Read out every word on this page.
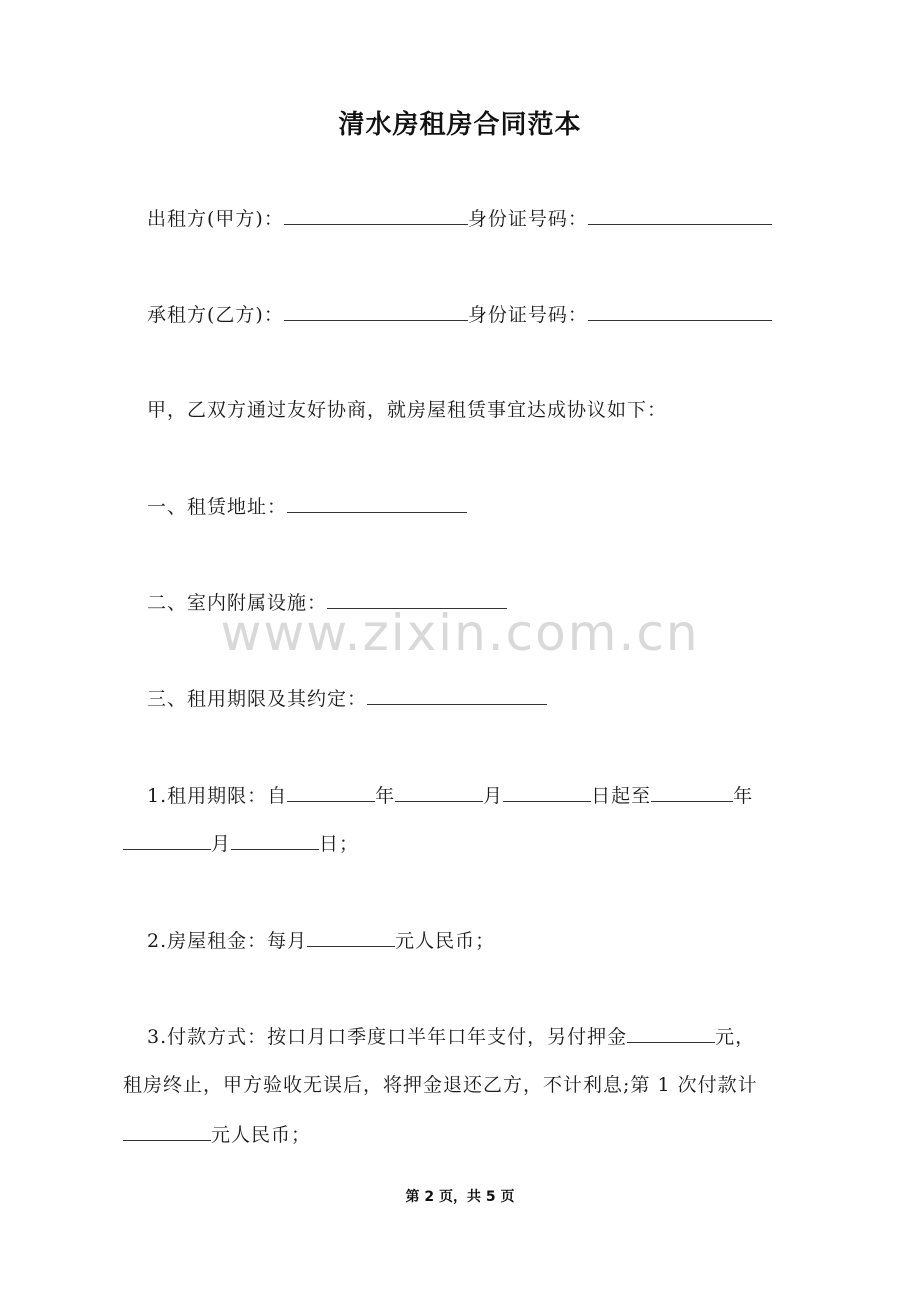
清水房租房合同范本
出租方(甲方)：	身份证号码：
承租方(乙方)：	身份证号码：
甲，乙双方通过友好协商，就房屋租赁事宜达成协议如下：
一、租赁地址：
二、室内附属设施：
三、租用期限及其约定：
1.租用期限：自	年	月	日起至	年
月	日；
2.房屋租金：每月	元人民币；
3.付款方式：按口月口季度口半年口年支付，另付押金	元，
租房终止，甲方验收无误后，将押金退还乙方，不计利息;第 1 次付款计
元人民币；
www.zixin.com.cn
第 2 页，共 5 页
